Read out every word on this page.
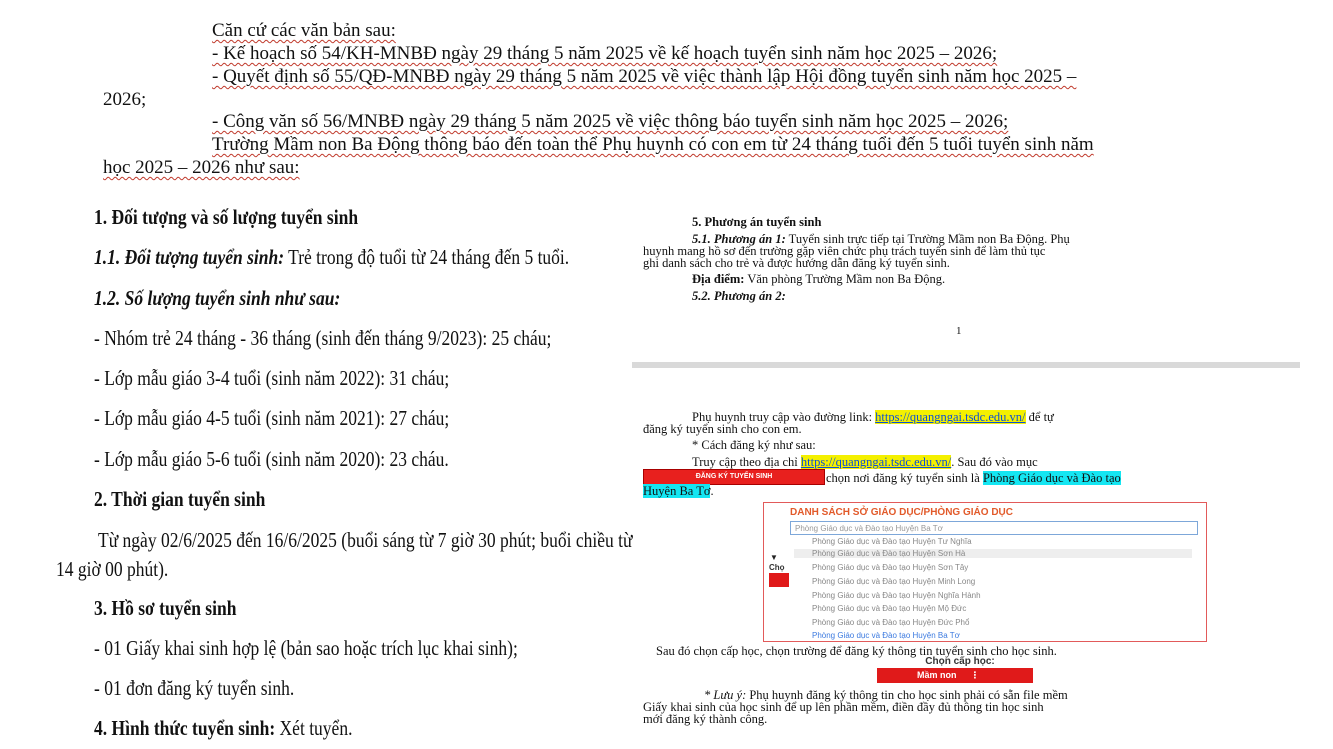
Căn cứ các văn bản sau:
- Kế hoạch số 54/KH-MNBĐ ngày 29 tháng 5 năm 2025 về kế hoạch tuyển sinh năm học 2025 – 2026;
- Quyết định số 55/QĐ-MNBĐ ngày 29 tháng 5 năm 2025 về việc thành lập Hội đồng tuyển sinh năm học 2025 –
2026;
- Công văn số 56/MNBĐ ngày 29 tháng 5 năm 2025 về việc thông báo tuyển sinh năm học 2025 – 2026;
Trường Mầm non Ba Động thông báo đến toàn thể Phụ huynh có con em từ 24 tháng tuổi đến 5 tuổi tuyển sinh năm
học 2025 – 2026 như sau:
1. Đối tượng và số lượng tuyển sinh
1.1. Đối tượng tuyển sinh: Trẻ trong độ tuổi từ 24 tháng đến 5 tuổi.
1.2. Số lượng tuyển sinh như sau:
- Nhóm trẻ 24 tháng - 36 tháng (sinh đến tháng 9/2023): 25 cháu;
- Lớp mẫu giáo 3-4 tuổi (sinh năm 2022): 31 cháu;
- Lớp mẫu giáo 4-5 tuổi (sinh năm 2021): 27 cháu;
- Lớp mẫu giáo 5-6 tuổi (sinh năm 2020): 23 cháu.
2. Thời gian tuyển sinh
Từ ngày 02/6/2025 đến 16/6/2025 (buổi sáng từ 7 giờ 30 phút; buổi chiều từ
14 giờ 00 phút).
3. Hồ sơ tuyển sinh
- 01 Giấy khai sinh hợp lệ (bản sao hoặc trích lục khai sinh);
- 01 đơn đăng ký tuyển sinh.
4. Hình thức tuyển sinh: Xét tuyển.
5. Phương án tuyển sinh
5.1. Phương án 1: Tuyển sinh trực tiếp tại Trường Mầm non Ba Động. Phụ
huynh mang hồ sơ đến trường gặp viên chức phụ trách tuyển sinh để làm thủ tục
ghi danh sách cho trẻ và được hướng dẫn đăng ký tuyển sinh.
Địa điểm: Văn phòng Trường Mầm non Ba Động.
5.2. Phương án 2:
1
Phụ huynh truy cập vào đường link: https://quangngai.tsdc.edu.vn/ để tự
đăng ký tuyển sinh cho con em.
* Cách đăng ký như sau:
Truy cập theo địa chỉ https://quangngai.tsdc.edu.vn/. Sau đó vào mục
ĐĂNG KÝ TUYỂN SINH	chọn nơi đăng ký tuyển sinh là Phòng Giáo dục và Đào tạo
Huyện Ba Tơ.
DANH SÁCH SỞ GIÁO DỤC/PHÒNG GIÁO DỤC
Phòng Giáo dục và Đào tạo Huyện Ba Tơ
Phòng Giáo dục và Đào tạo Huyện Tư Nghĩa
Phòng Giáo dục và Đào tạo Huyện Sơn Hà
Phòng Giáo dục và Đào tạo Huyện Sơn Tây
Phòng Giáo dục và Đào tạo Huyện Minh Long
Phòng Giáo dục và Đào tạo Huyện Nghĩa Hành
Phòng Giáo dục và Đào tạo Huyện Mộ Đức
Phòng Giáo dục và Đào tạo Huyện Đức Phổ
Phòng Giáo dục và Đào tạo Huyện Ba Tơ
▼
Chọ
Sau đó chọn cấp học, chọn trường để đăng ký thông tin tuyển sinh cho học sinh.
Chọn cấp học:
Mầm non ⋮
* Lưu ý: Phụ huynh đăng ký thông tin cho học sinh phải có sẵn file mềm
Giấy khai sinh của học sinh để up lên phần mềm, điền đầy đủ thông tin học sinh
mới đăng ký thành công.
